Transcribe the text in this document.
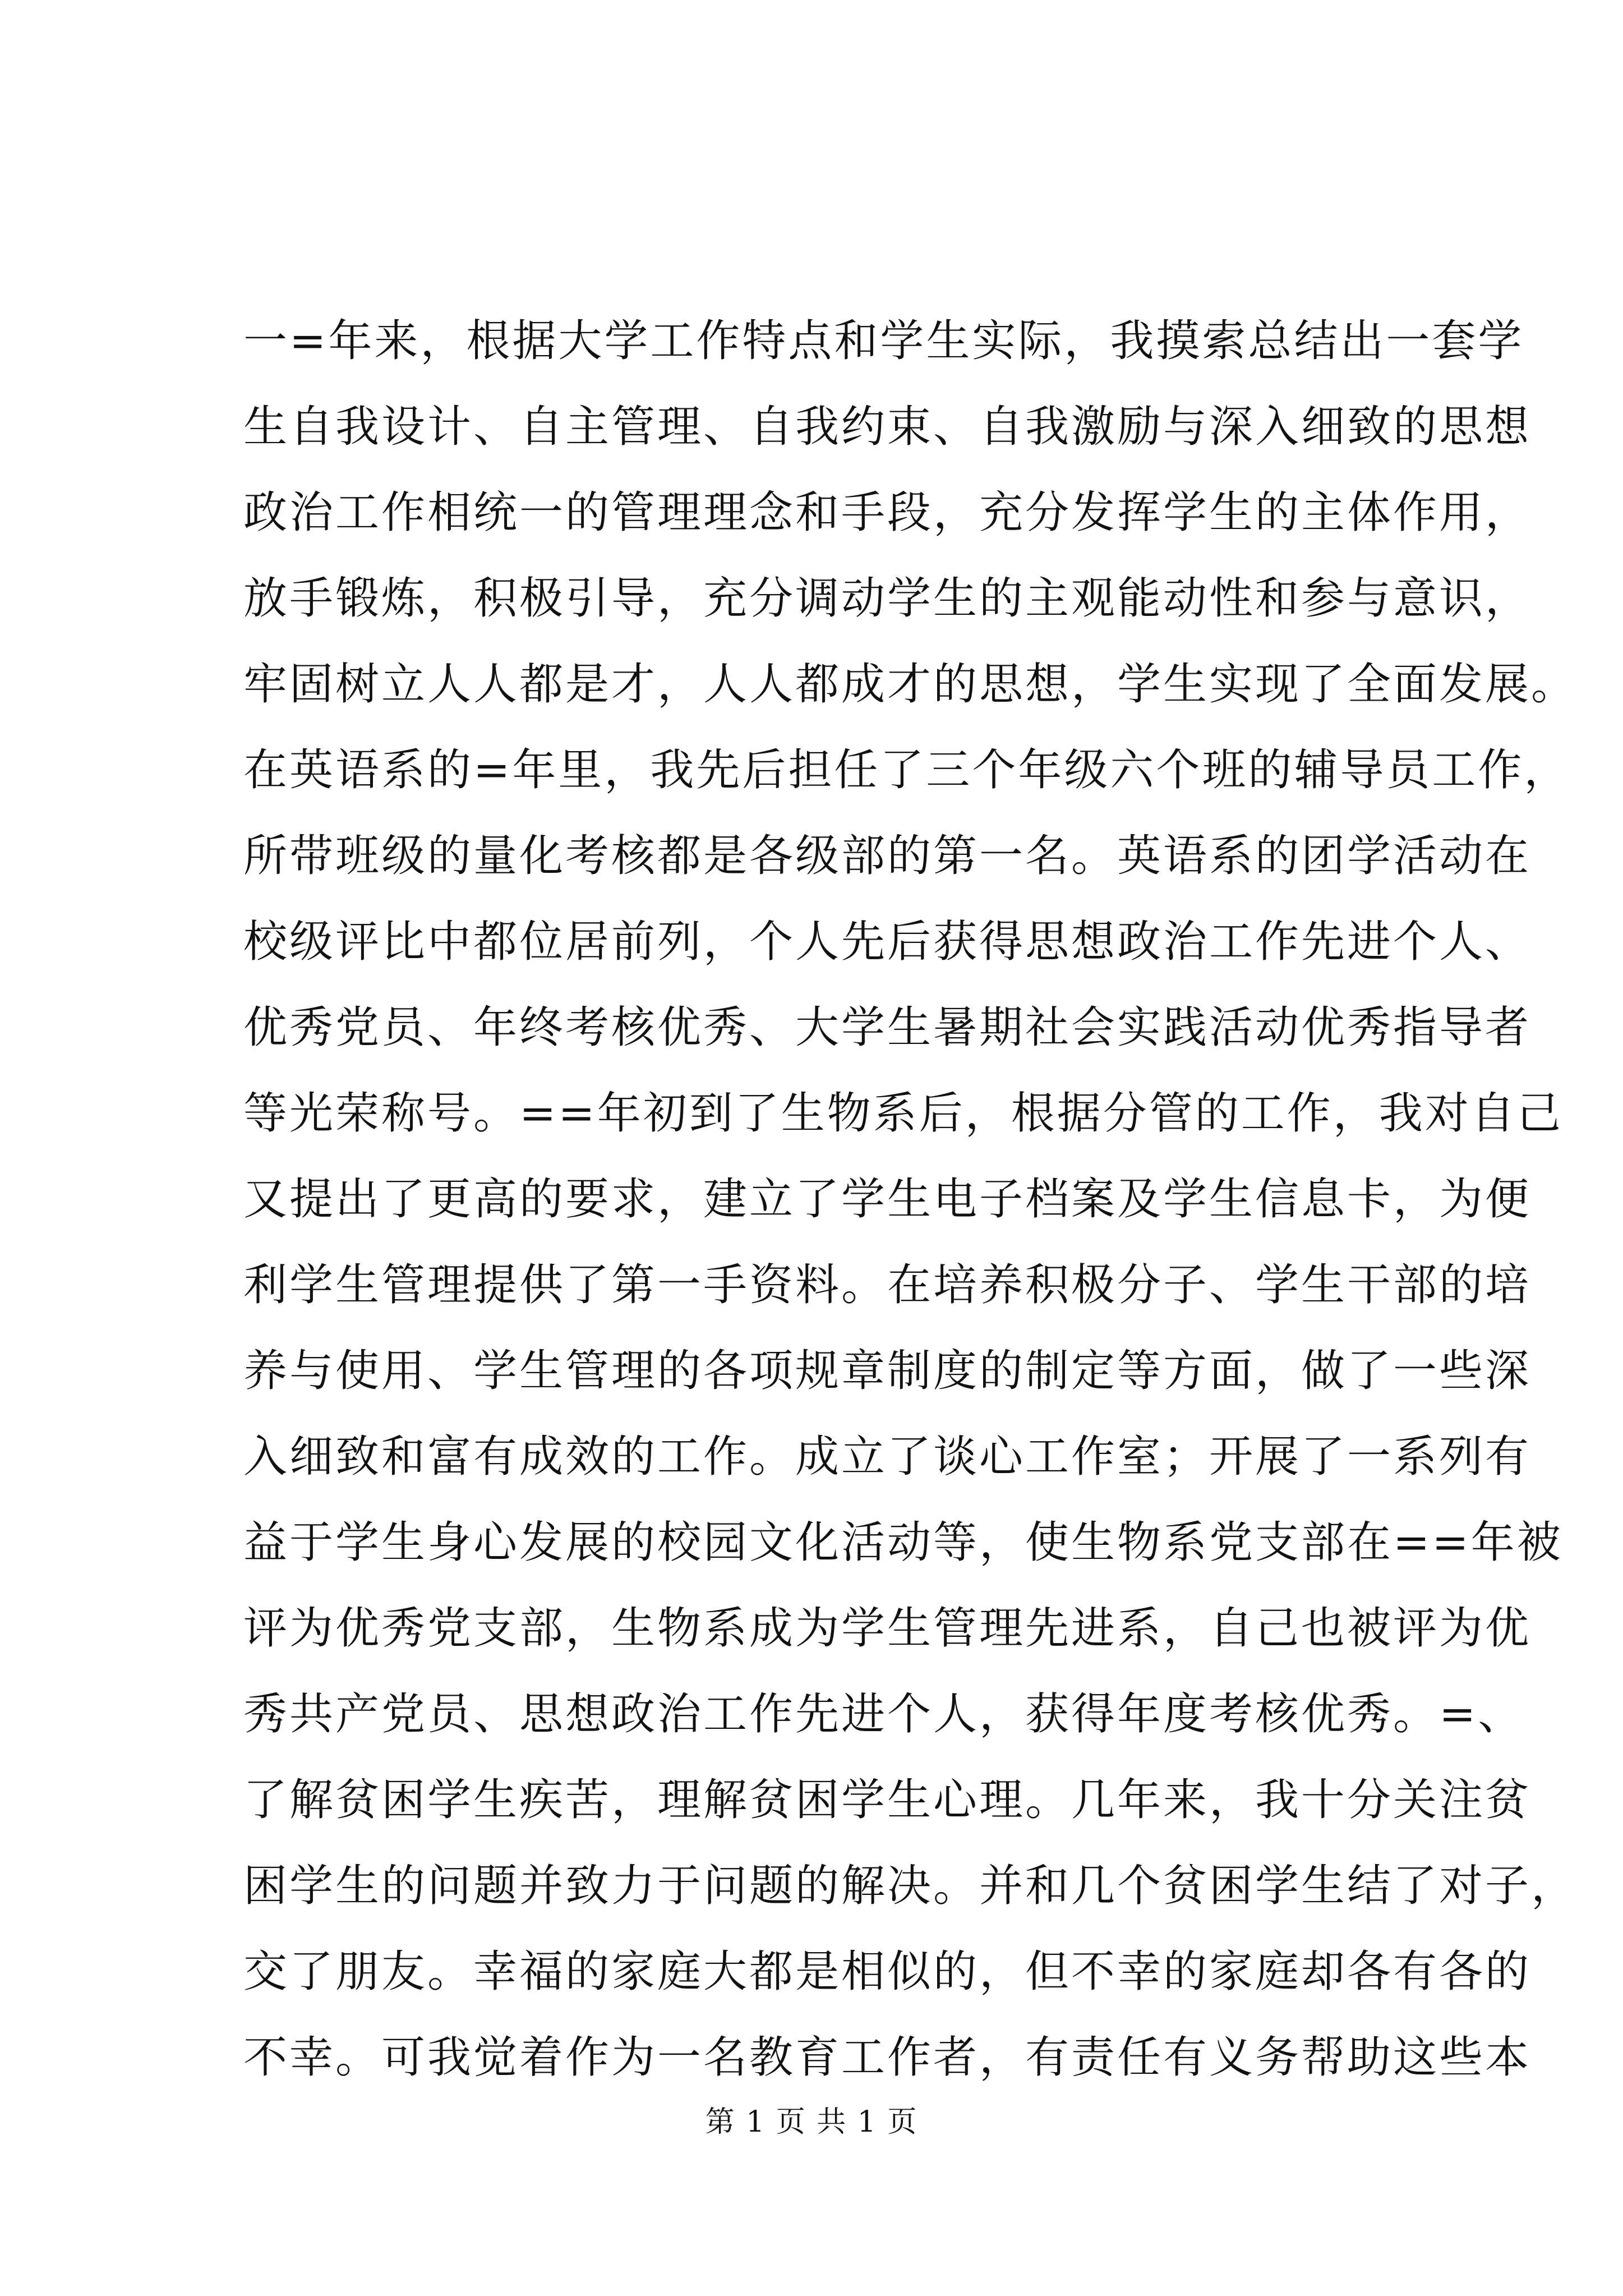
一=年来，根据大学工作特点和学生实际，我摸索总结出一套学
生自我设计、自主管理、自我约束、自我激励与深入细致的思想
政治工作相统一的管理理念和手段，充分发挥学生的主体作用，
放手锻炼，积极引导，充分调动学生的主观能动性和参与意识，
牢固树立人人都是才，人人都成才的思想，学生实现了全面发展。
在英语系的=年里，我先后担任了三个年级六个班的辅导员工作，
所带班级的量化考核都是各级部的第一名。英语系的团学活动在
校级评比中都位居前列，个人先后获得思想政治工作先进个人、
优秀党员、年终考核优秀、大学生暑期社会实践活动优秀指导者
等光荣称号。==年初到了生物系后，根据分管的工作，我对自己
又提出了更高的要求，建立了学生电子档案及学生信息卡，为便
利学生管理提供了第一手资料。在培养积极分子、学生干部的培
养与使用、学生管理的各项规章制度的制定等方面，做了一些深
入细致和富有成效的工作。成立了谈心工作室；开展了一系列有
益于学生身心发展的校园文化活动等，使生物系党支部在==年被
评为优秀党支部，生物系成为学生管理先进系，自己也被评为优
秀共产党员、思想政治工作先进个人，获得年度考核优秀。=、
了解贫困学生疾苦，理解贫困学生心理。几年来，我十分关注贫
困学生的问题并致力于问题的解决。并和几个贫困学生结了对子，
交了朋友。幸福的家庭大都是相似的，但不幸的家庭却各有各的
不幸。可我觉着作为一名教育工作者，有责任有义务帮助这些本
第 1 页 共 1 页
